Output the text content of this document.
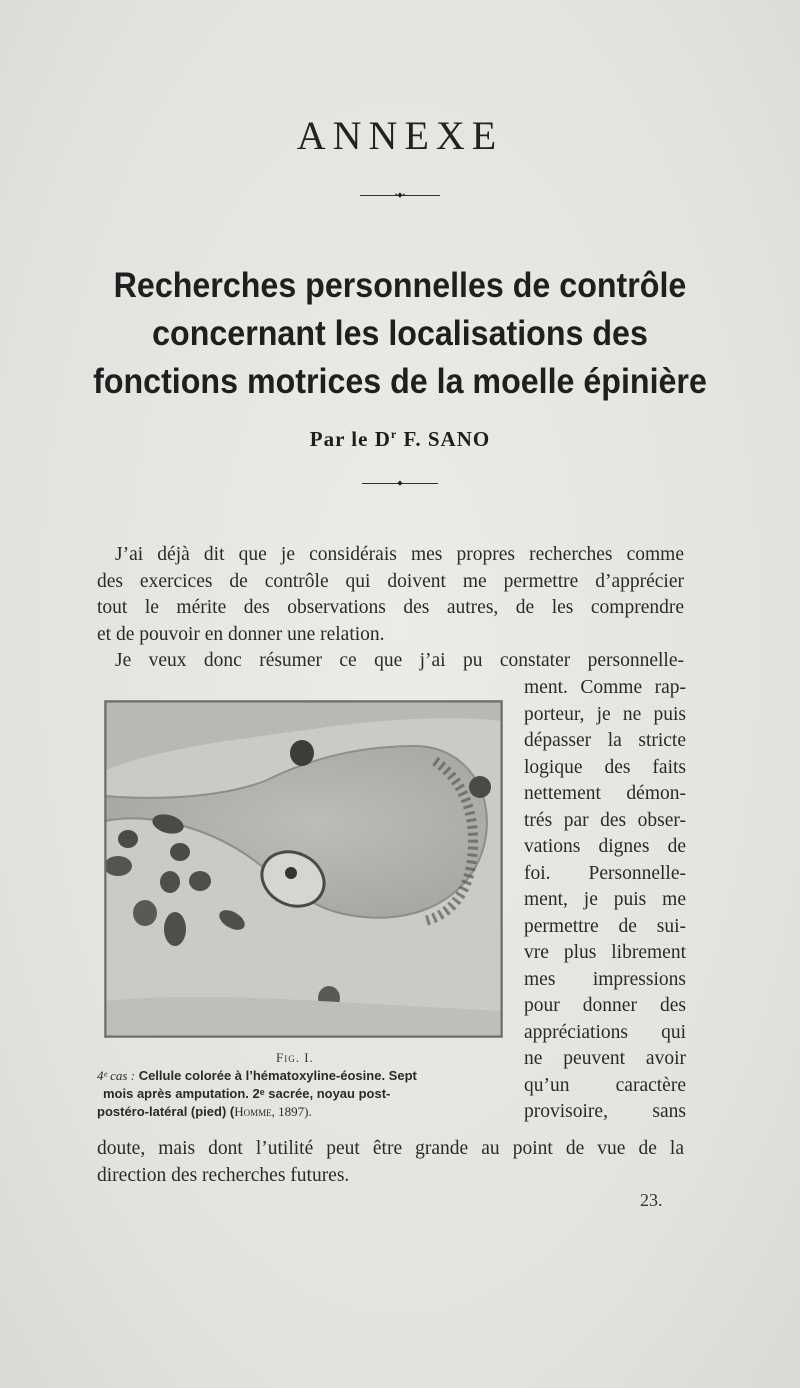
ANNEXE
•◆•
Recherches personnelles de contrôle
concernant les localisations des
fonctions motrices de la moelle épinière
Par le $D^r$ F. SANO
◆
J’ai déjà dit que je considérais mes propres recherches comme
des exercices de contrôle qui doivent me permettre d’apprécier
tout le mérite des observations des autres, de les comprendre
et de pouvoir en donner une relation.
Je veux donc résumer ce que j’ai pu constater personnelle-
ment. Comme rap-
porteur, je ne puis
dépasser la stricte
logique des faits
nettement démon-
trés par des obser-
vations dignes de
foi. Personnelle-
ment, je puis me
permettre de sui-
vre plus librement
mes impressions
pour donner des
appréciations qui
ne peuvent avoir
qu’un caractère
provisoire, sans
Fig. I.
4ᵉ cas : Cellule colorée à l’hématoxyline-éosine. Sept
mois après amputation. 2ᵉ sacrée, noyau post-
postéro-latéral (pied) (Homme, 1897).
doute, mais dont l’utilité peut être grande au point de vue de la
direction des recherches futures.
23.
